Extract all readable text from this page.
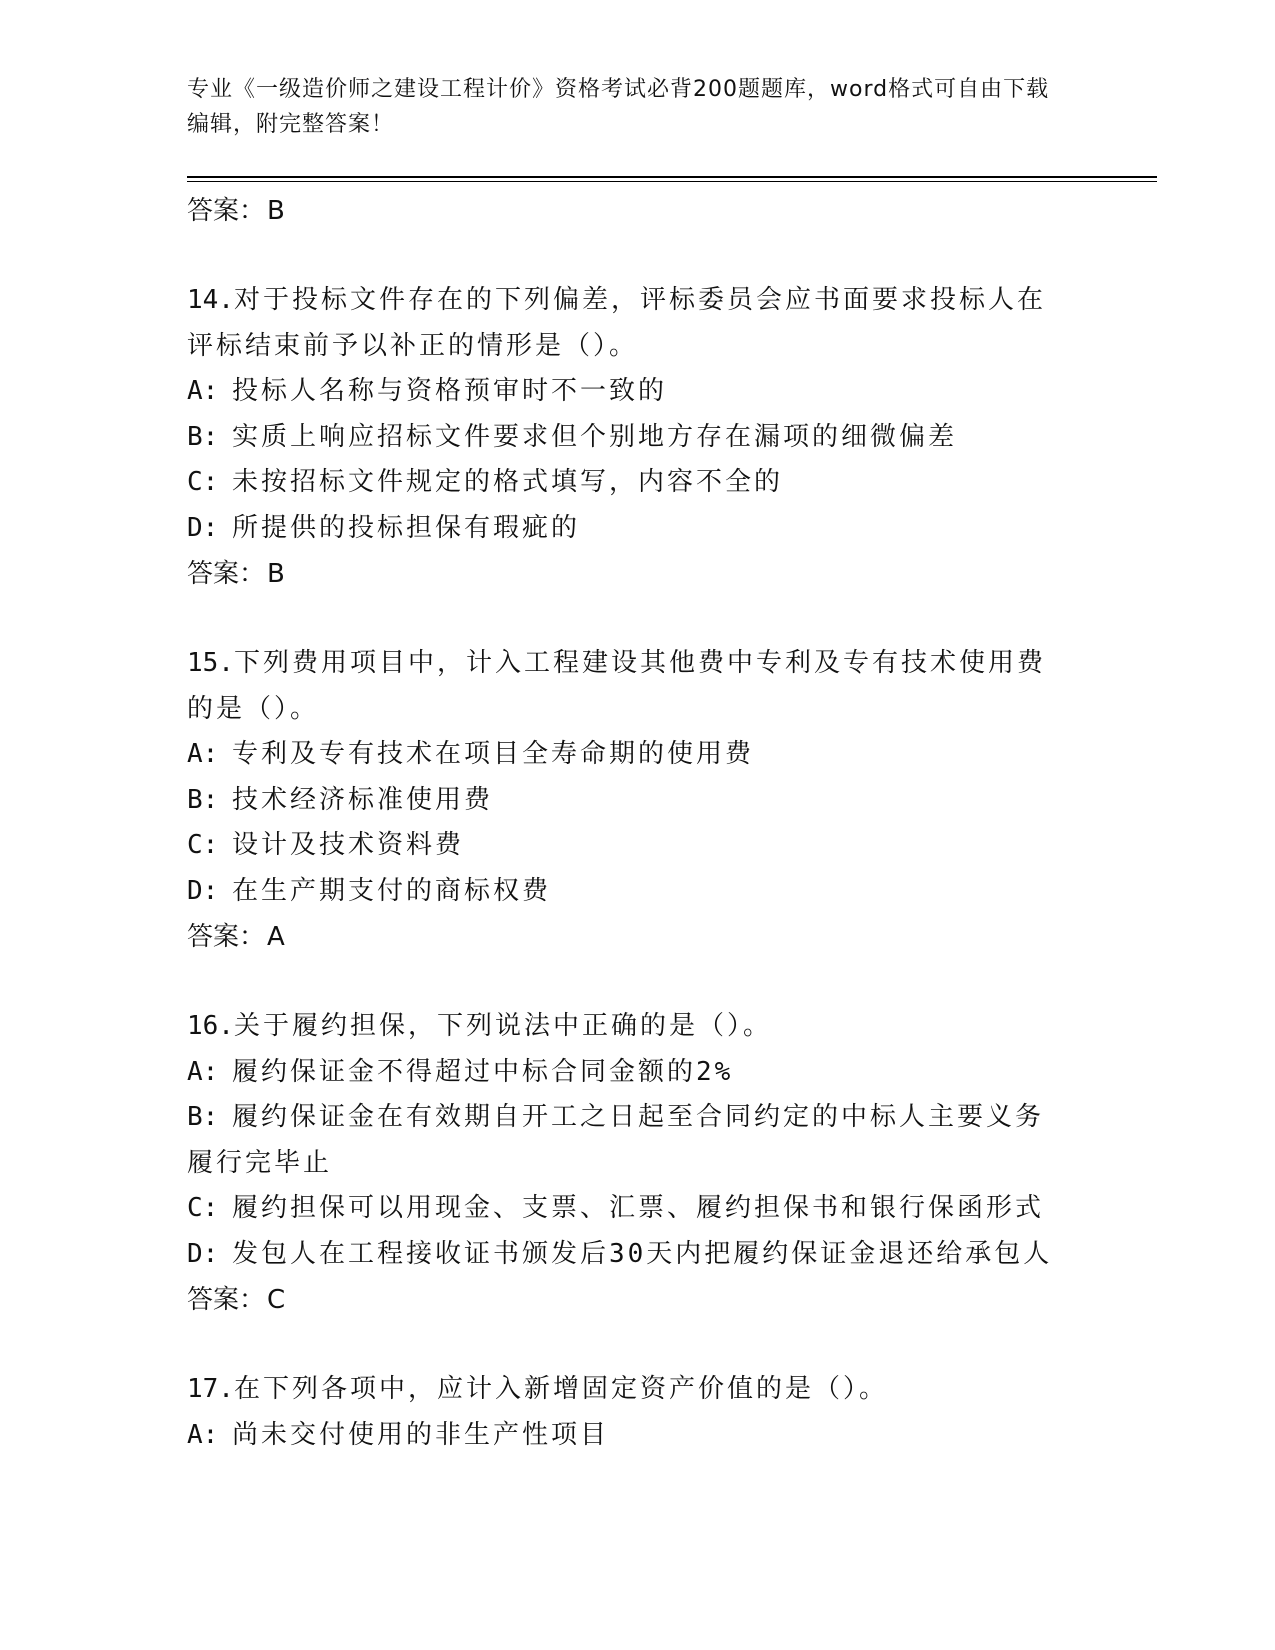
专业《一级造价师之建设工程计价》资格考试必背200题题库，word格式可自由下载编辑，附完整答案！
答案：B
14.对于投标文件存在的下列偏差，评标委员会应书面要求投标人在评标结束前予以补正的情形是（）。
A: 投标人名称与资格预审时不一致的
B: 实质上响应招标文件要求但个别地方存在漏项的细微偏差
C: 未按招标文件规定的格式填写，内容不全的
D: 所提供的投标担保有瑕疵的
答案：B
15.下列费用项目中，计入工程建设其他费中专利及专有技术使用费的是（）。
A: 专利及专有技术在项目全寿命期的使用费
B: 技术经济标准使用费
C: 设计及技术资料费
D: 在生产期支付的商标权费
答案：A
16.关于履约担保，下列说法中正确的是（）。
A: 履约保证金不得超过中标合同金额的2%
B: 履约保证金在有效期自开工之日起至合同约定的中标人主要义务履行完毕止
C: 履约担保可以用现金、支票、汇票、履约担保书和银行保函形式
D: 发包人在工程接收证书颁发后30天内把履约保证金退还给承包人
答案：C
17.在下列各项中，应计入新增固定资产价值的是（）。
A: 尚未交付使用的非生产性项目
